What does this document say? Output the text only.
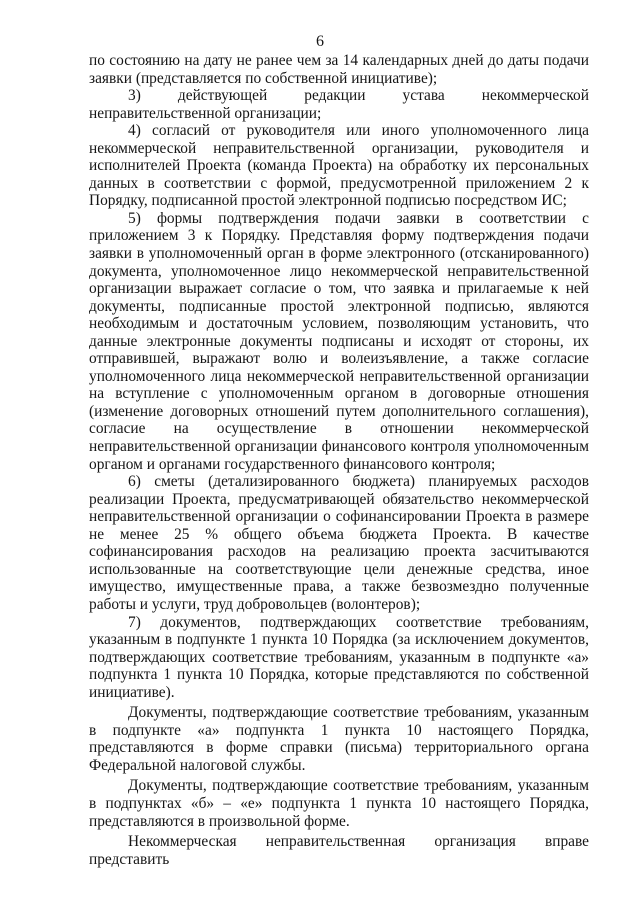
6

по состоянию на дату не ранее чем за 14 календарных дней до даты подачи заявки (представляется по собственной инициативе);

3) действующей редакции устава некоммерческой неправительственной организации;

4) согласий от руководителя или иного уполномоченного лица некоммерческой неправительственной организации, руководителя и исполнителей Проекта (команда Проекта) на обработку их персональных данных в соответствии с формой, предусмотренной приложением 2 к Порядку, подписанной простой электронной подписью посредством ИС;

5) формы подтверждения подачи заявки в соответствии с приложением 3 к Порядку. Представляя форму подтверждения подачи заявки в уполномоченный орган в форме электронного (отсканированного) документа, уполномоченное лицо некоммерческой неправительственной организации выражает согласие о том, что заявка и прилагаемые к ней документы, подписанные простой электронной подписью, являются необходимым и достаточным условием, позволяющим установить, что данные электронные документы подписаны и исходят от стороны, их отправившей, выражают волю и волеизъявление, а также согласие уполномоченного лица некоммерческой неправительственной организации на вступление с уполномоченным органом в договорные отношения (изменение договорных отношений путем дополнительного соглашения), согласие на осуществление в отношении некоммерческой неправительственной организации финансового контроля уполномоченным органом и органами государственного финансового контроля;

6) сметы (детализированного бюджета) планируемых расходов реализации Проекта, предусматривающей обязательство некоммерческой неправительственной организации о софинансировании Проекта в размере не менее 25 % общего объема бюджета Проекта. В качестве софинансирования расходов на реализацию проекта засчитываются использованные на соответствующие цели денежные средства, иное имущество, имущественные права, а также безвозмездно полученные работы и услуги, труд добровольцев (волонтеров);

7) документов, подтверждающих соответствие требованиям, указанным в подпункте 1 пункта 10 Порядка (за исключением документов, подтверждающих соответствие требованиям, указанным в подпункте «а» подпункта 1 пункта 10 Порядка, которые представляются по собственной инициативе).

Документы, подтверждающие соответствие требованиям, указанным в подпункте «а» подпункта 1 пункта 10 настоящего Порядка, представляются в форме справки (письма) территориального органа Федеральной налоговой службы.

Документы, подтверждающие соответствие требованиям, указанным в подпунктах «б» – «е» подпункта 1 пункта 10 настоящего Порядка, представляются в произвольной форме.

Некоммерческая неправительственная организация вправе представить
